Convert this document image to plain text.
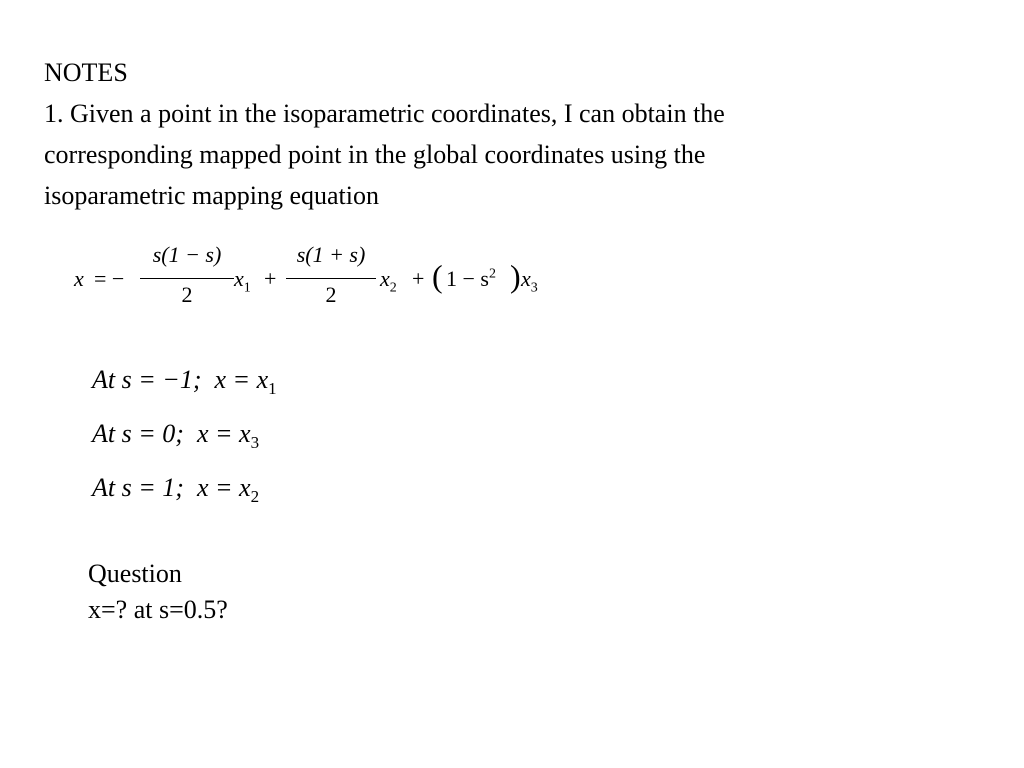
NOTES
1. Given a point in the isoparametric coordinates, I can obtain the
corresponding mapped point in the global coordinates using the
isoparametric mapping equation
x = −
s(1 − s)
2
$x_1$ +
s(1 + s)
2
$x_2$ + ( $1 - s^2$ ) $x_3$
At s = −1; $x = x_1$
At s = 0; $x = x_3$
At s = 1; $x = x_2$
Question
x=? at s=0.5?
